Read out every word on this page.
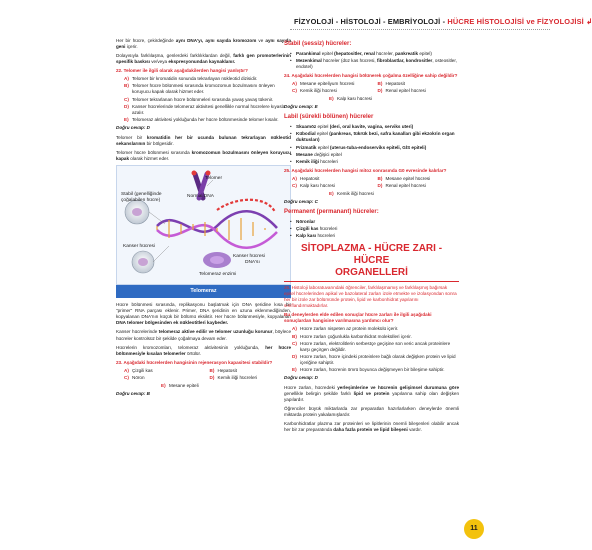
FİZYOLOJİ - HİSTOLOJİ - EMBRİYOLOJİ - HÜCRE HİSTOLOJİSİ ve FİZYOLOJİSİ ↲

Her bir hücre, çekirdeğinde aynı DNA'yı, aynı sayıda kromozom ve aynı sayıda geni içerir.

Dolayısıyla farklılaşma, genlerdeki farklılıklardan değil, farklı gen promoterlerinin spesifik baskısı ve/veya ekspresyonundan kaynaklanır.

22. Telomer ile ilgili olarak aşağıdakilerden hangisi yanlıştır?
A) Telomer bir kromatidin sonunda tekrarlayan nükleotid dizisidir.
B) Telomer hücre bölünmesi sırasında kromozomun bozulmasını önleyen koruyucu kapak olarak hizmet eder.
C) Telomer tekrarlanan hücre bölünmeleri sırasında yavaş yavaş tükenir.
D) Kanser hücrelerinde telomeraz aktivitesi genellikle normal hücrelere kıyasla azalır.
E) Telomeraz aktivitesi yokluğunda her hücre bölünmesinde telomer kısalır.
Doğru cevap: D

Telomer bir kromatidin her bir ucunda bulunan tekrarlayan nükleotid sekanslarının bir bölgesidir.

Telomer hücre bölünmesi sırasında kromozomun bozulmasını önleyen koruyucu kapak olarak hizmet eder.

Telomer
Stabil (genelliğinde
çoğalabilen hücre)
Normal DNA
Kanser hücresi
Kanser hücresi
DNA'sı
Telomeraz enzimi
Telomeraz

Hücre bölünmesi sırasında, replikasyonu başlatmak için DNA şeridine kısa bir "primer" RNA parçası eklenir. Primer, DNA şeridinin en uzuna eklenmediğinden, kopyalanan DNA'nın küçük bir bölümü eksiktir. Her hücre bölünmesiyle, kopyalanan DNA telomer bölgesinden ek nükleotitleri kaybeder.

Kanser hücrelerinde telomeraz aktive edilir ve telomer uzunluğu korunur, böylece hücreler kontrolsüz bir şekilde çoğalmaya devam eder.

Hücrelerin kromozomları, telomeraz aktivitesinin yokluğunda, her hücre bölünmesiyle kısalan telomerler örtülür.

23. Aşağıdaki hücrelerden hangisinin rejenerasyon kapasitesi stabildir?
A) Çizgili kas	B) Hepatosit
C) Nöron	D) Kemik iliği hücreleri
E) Mesane epiteli
Doğru cevap: B
Stabil (sessiz) hücreler:
• Parankimal epitel (hepatositler, renal hücreler, pankreatik epitel)
• Mezenkimal hücreler (düz kas hücresi, fibroblastlar, kondrositler, osteositler, endotel)
24. Aşağıdaki hücrelerden hangisi bölünerek çoğalma özelliğine sahip değildir?
A) Mesane epiteliyum hücresi	B) Hepatosit
C) Kemik iliği hücresi	D) Renal epitel hücresi
E) Kalp kası hücresi
Doğru cevap: E
Labil (sürekli bölünen) hücreler
• Skuamöz epitel (deri, oral kavite, vagina, serviks uteri)
• Kübodial epitel (pankreas, tükrük bezi, safra kanalları gibi ekzokrin organ duktusları)
• Prizmatik epitel (uterus-tuba-endoserviks epiteli, GİS epiteli)
• Mesane değişici epitel
• Kemik iliği hücreleri
25. Aşağıdaki hücrelerden hangisi mitoz sonrasında G0 evresinde kalırlar?
A) Hepatosit	B) Mesane epitel hücresi
C) Kalp kası hücresi	D) Renal epitel hücresi
E) Kemik iliği hücresi
Doğru cevap: C
Permanent (permanant) hücreler:
• Nöronlar
• Çizgili kas hücreleri
• Kalp kası hücreleri
SİTOPLAZMA - HÜCRE ZARI - HÜCRE
ORGANELLERİ
26. Histoloji laboratuvarındaki öğrenciler, farklılaşmamış ve farklılaşmış bağırsak epitel hücrelerinden apikal ve bazolateral zarları izole etmekte ve izolasyondan sonra her bir izole zar bölümünde protein, lipid ve karbonhidrat yapılarını sınıflandırmaktadırlar.
Bu deneylerden elde edilen sonuçlar hücre zarları ile ilgili aşağıdaki sonuçlardan hangisine varılmasına yardımcı olur?
A) Hücre zarları nispeten az protein molekülü içerir.
B) Hücre zarları çoğunlukla karbonhidrat molekülleri içerir.
C) Hücre zarları, elektrolitlerin serbestçe geçişine son veric ancak proteinlere karşı geçirgen değildir.
D) Hücre zarları, hücre içindeki proteinlere bağlı olarak değişken protein ve lipid içeriğine sahiptir.
E) Hücre zarları, hücrenin ömrü boyunca değişmeyen bir bileşime sahiptir.
Doğru cevap: D

Hücre zarları, hücredeki yerleşimlerine ve hücrenin gelişimsel durumuna göre genellikle belirgin şekilde farklı lipid ve protein yapılarına sahip olan değişken yapılardır.

Öğrenciler büyük miktarlarda zar preparatları hazırlarlarken deneylerde önemli miktarda protein yakalamışlardır.

Karbonhidratlar plazma zar proteinleri ve lipitlerinin önemli bileşenleri olabilir ancak her bir zar preparatında daha fazla protein ve lipid bileşeni vardır.

11
